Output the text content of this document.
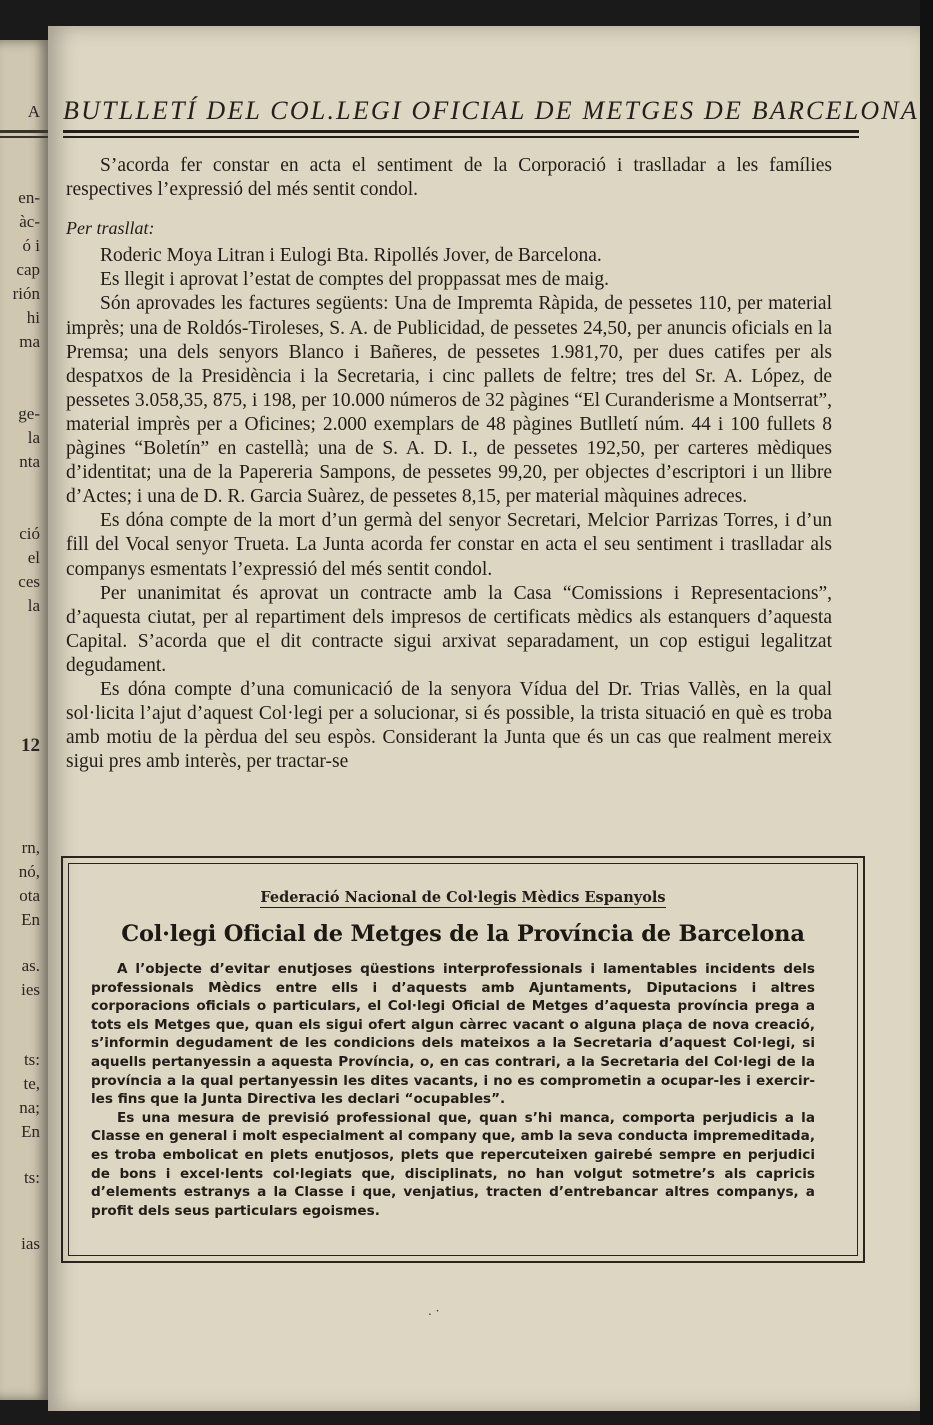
A
en-
àc-
ó i
cap
rión
hi
ma
ge-
la
nta
ció
el
ces
la
12
rn,
nó,
ota
En
as.
ies
ts:
te,
na;
En
ts:
ias
BUTLLETÍ DEL COL.LEGI OFICIAL DE METGES DE BARCELONA

S’acorda fer constar en acta el sentiment de la Corporació i traslladar a les famílies respectives l’expressió del més sentit condol.

Per trasllat:

Roderic Moya Litran i Eulogi Bta. Ripollés Jover, de Barcelona.

Es llegit i aprovat l’estat de comptes del proppassat mes de maig.

Són aprovades les factures següents: Una de Impremta Ràpida, de pessetes 110, per material imprès; una de Roldós-Tiroleses, S. A. de Publicidad, de pessetes 24,50, per anuncis oficials en la Premsa; una dels senyors Blanco i Bañeres, de pessetes 1.981,70, per dues catifes per als despatxos de la Presidència i la Secretaria, i cinc pallets de feltre; tres del Sr. A. López, de pessetes 3.058,35, 875, i 198, per 10.000 números de 32 pàgines “El Curanderisme a Montserrat”, material imprès per a Oficines; 2.000 exemplars de 48 pàgines Butlletí núm. 44 i 100 fullets 8 pàgines “Boletín” en castellà; una de S. A. D. I., de pessetes 192,50, per carteres mèdiques d’identitat; una de la Papereria Sampons, de pessetes 99,20, per objectes d’escriptori i un llibre d’Actes; i una de D. R. Garcia Suàrez, de pessetes 8,15, per material màquines adreces.

Es dóna compte de la mort d’un germà del senyor Secretari, Melcior Parrizas Torres, i d’un fill del Vocal senyor Trueta. La Junta acorda fer constar en acta el seu sentiment i traslladar als companys esmentats l’expressió del més sentit condol.

Per unanimitat és aprovat un contracte amb la Casa “Comissions i Representacions”, d’aquesta ciutat, per al repartiment dels impresos de certificats mèdics als estanquers d’aquesta Capital. S’acorda que el dit contracte sigui arxivat separadament, un cop estigui legalitzat degudament.

Es dóna compte d’una comunicació de la senyora Vídua del Dr. Trias Vallès, en la qual sol·licita l’ajut d’aquest Col·legi per a solucionar, si és possible, la trista situació en què es troba amb motiu de la pèrdua del seu espòs. Considerant la Junta que és un cas que realment mereix sigui pres amb interès, per tractar-se

Federació Nacional de Col·legis Mèdics Espanyols
Col·legi Oficial de Metges de la Província de Barcelona

A l’objecte d’evitar enutjoses qüestions interprofessionals i lamentables incidents dels professionals Mèdics entre ells i d’aquests amb Ajuntaments, Diputacions i altres corporacions oficials o particulars, el Col·legi Oficial de Metges d’aquesta província prega a tots els Metges que, quan els sigui ofert algun càrrec vacant o alguna plaça de nova creació, s’informin degudament de les condicions dels mateixos a la Secretaria d’aquest Col·legi, si aquells pertanyessin a aquesta Província, o, en cas contrari, a la Secretaria del Col·legi de la província a la qual pertanyessin les dites vacants, i no es comprometin a ocupar-les i exercir-les fins que la Junta Directiva les declari “ocupables”.

Es una mesura de previsió professional que, quan s’hi manca, comporta perjudicis a la Classe en general i molt especialment al company que, amb la seva conducta impremeditada, es troba embolicat en plets enutjosos, plets que repercuteixen gairebé sempre en perjudici de bons i excel·lents col·legiats que, disciplinats, no han volgut sotmetre’s als capricis d’elements estranys a la Classe i que, venjatius, tracten d’entrebancar altres companys, a profit dels seus particulars egoismes.

. ·
